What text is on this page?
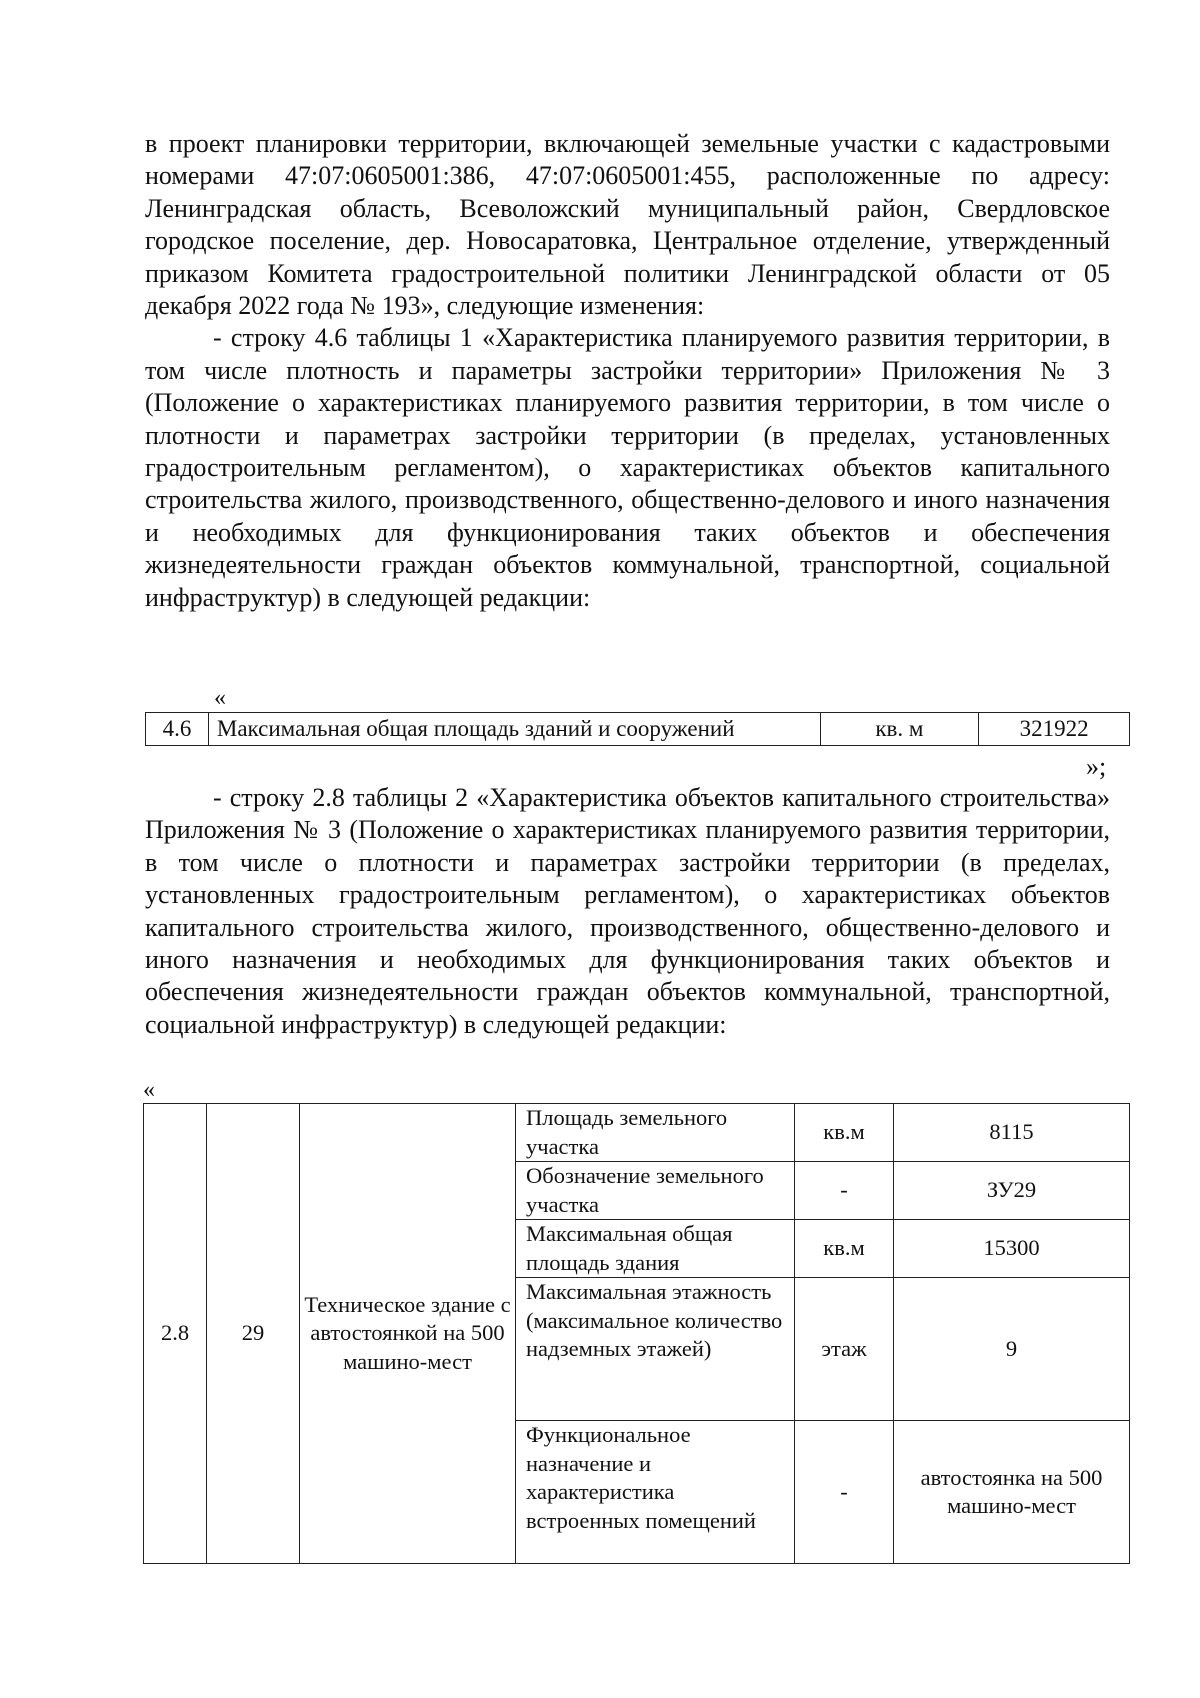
в проект планировки территории, включающей земельные участки с кадастровыми номерами 47:07:0605001:386, 47:07:0605001:455, расположенные по адресу: Ленинградская область, Всеволожский муниципальный район, Свердловское городское поселение, дер. Новосаратовка, Центральное отделение, утвержденный приказом Комитета градостроительной политики Ленинградской области от 05 декабря 2022 года № 193», следующие изменения:

- строку 4.6 таблицы 1 «Характеристика планируемого развития территории, в том числе плотность и параметры застройки территории» Приложения № 3 (Положение о характеристиках планируемого развития территории, в том числе о плотности и параметрах застройки территории (в пределах, установленных градостроительным регламентом), о характеристиках объектов капитального строительства жилого, производственного, общественно-делового и иного назначения и необходимых для функционирования таких объектов и обеспечения жизнедеятельности граждан объектов коммунальной, транспортной, социальной инфраструктур) в следующей редакции:

«
4.6	Максимальная общая площадь зданий и сооружений	кв. м	321922
»;

- строку 2.8 таблицы 2 «Характеристика объектов капитального строительства» Приложения № 3 (Положение о характеристиках планируемого развития территории, в том числе о плотности и параметрах застройки территории (в пределах, установленных градостроительным регламентом), о характеристиках объектов капитального строительства жилого, производственного, общественно-делового и иного назначения и необходимых для функционирования таких объектов и обеспечения жизнедеятельности граждан объектов коммунальной, транспортной, социальной инфраструктур) в следующей редакции:

«
2.8	29	Техническое здание с автостоянкой на 500 машино-мест	Площадь земельного участка	кв.м	8115
			Обозначение земельного участка	-	ЗУ29
			Максимальная общая площадь здания	кв.м	15300
			Максимальная этажность (максимальное количество надземных этажей)	этаж	9
			Функциональное назначение и характеристика встроенных помещений	-	автостоянка на 500 машино-мест
